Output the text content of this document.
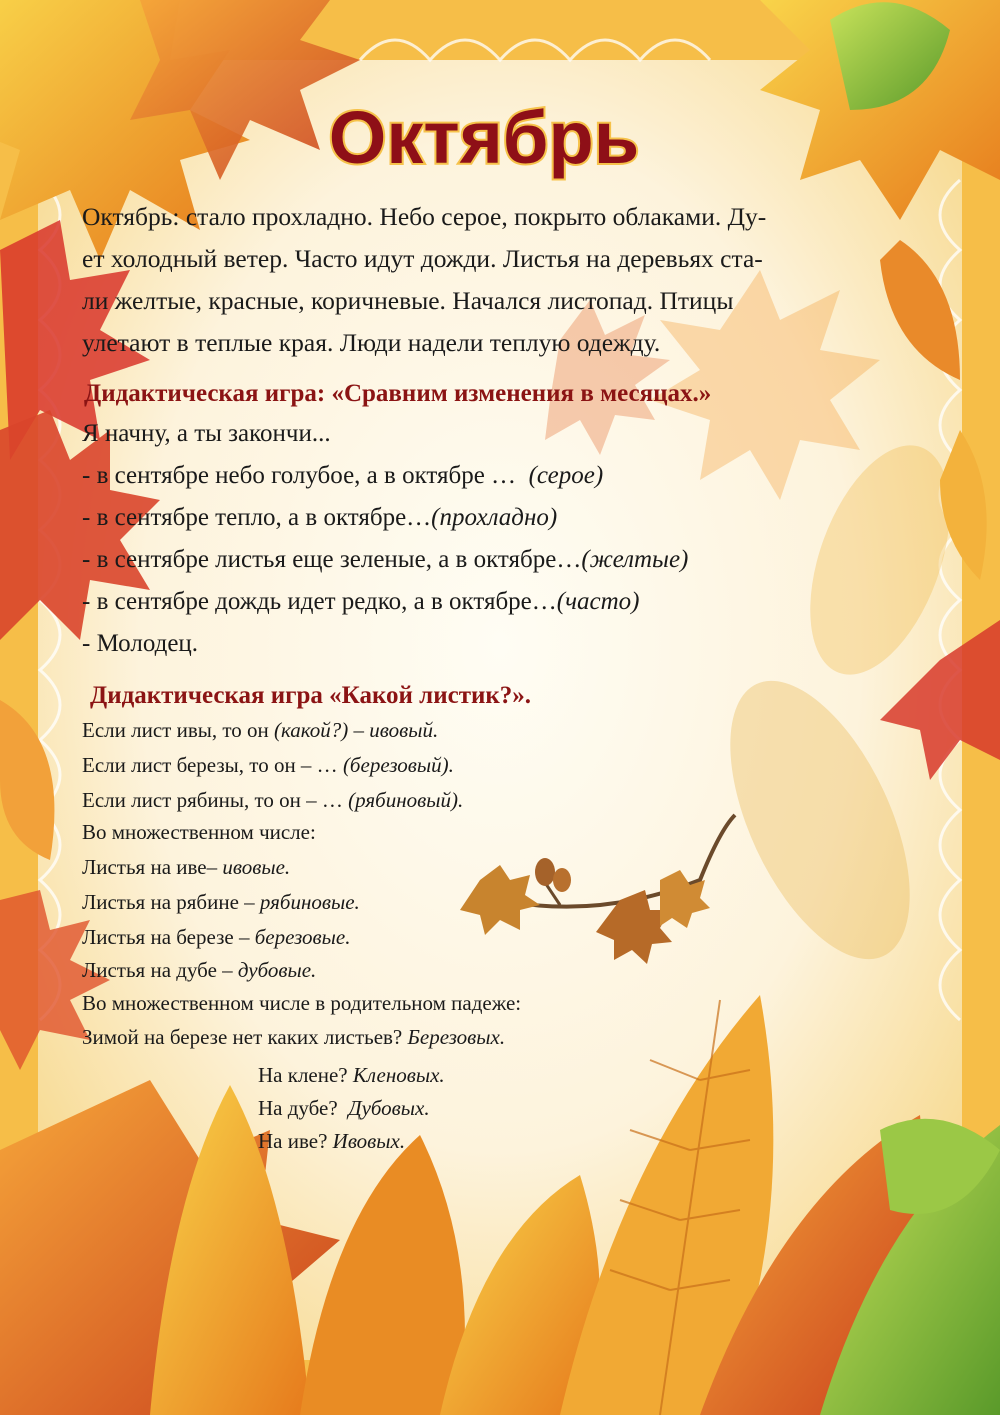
Октябрь
Октябрь: стало прохладно. Небо серое, покрыто облаками. Ду-
ет холодный ветер. Часто идут дожди. Листья на деревьях ста-
ли желтые, красные, коричневые. Начался листопад. Птицы
улетают в теплые края. Люди надели теплую одежду.
Дидактическая игра: «Сравним изменения в месяцах.»
Я начну, а ты закончи...
- в сентябре небо голубое, а в октябре … (серое)
- в сентябре тепло, а в октябре…(прохладно)
- в сентябре листья еще зеленые, а в октябре…(желтые)
- в сентябре дождь идет редко, а в октябре…(часто)
- Молодец.
Дидактическая игра «Какой листик?».
Если лист ивы, то он (какой?) – ивовый.
Если лист березы, то он – … (березовый).
Если лист рябины, то он – … (рябиновый).
Во множественном числе:
Листья на иве– ивовые.
Листья на рябине – рябиновые.
Листья на березе – березовые.
Листья на дубе – дубовые.
Во множественном числе в родительном падеже:
Зимой на березе нет каких листьев? Березовых.
На клене? Кленовых.
На дубе?  Дубовых.
На иве? Ивовых.
